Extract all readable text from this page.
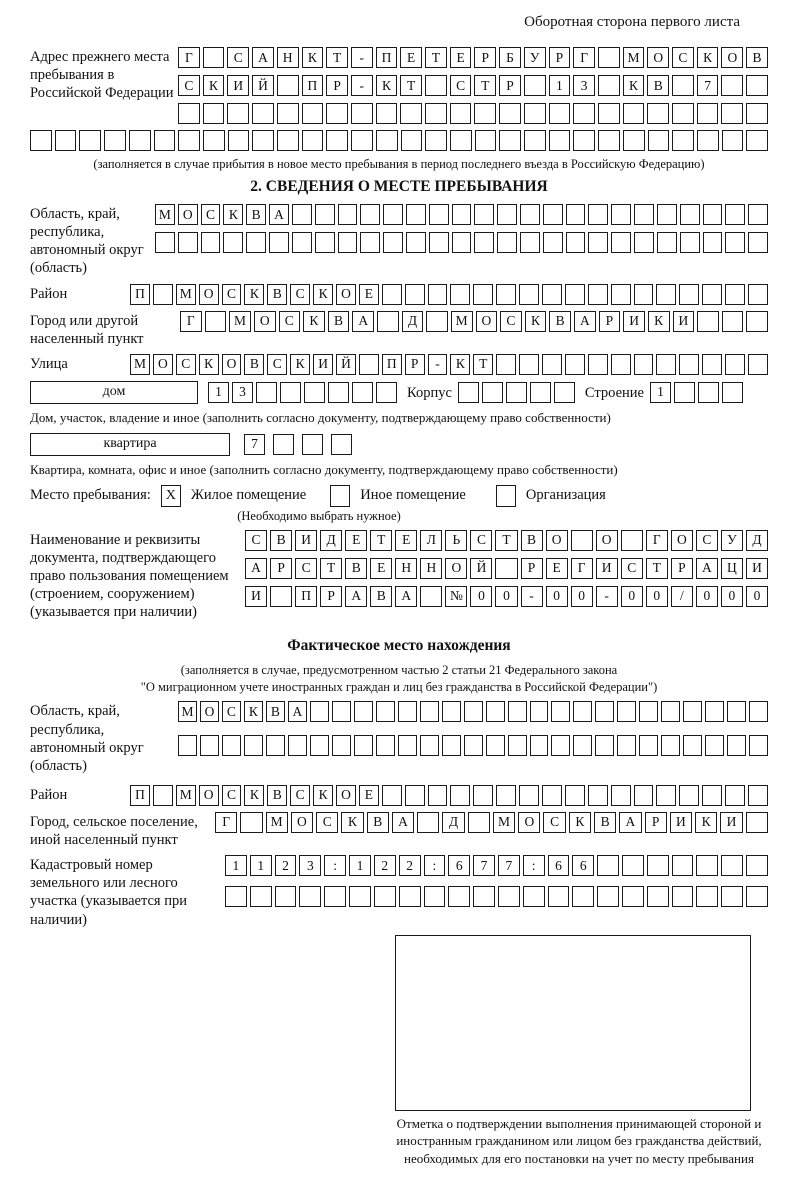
Оборотная сторона первого листа
Адрес прежнего места пребывания в Российской Федерации
Г	С	А	Н	К	Т	-	П	Е	Т	Е	Р	Б	У	Р	Г	М	О	С	К	О	В
С	К	И	Й	П	Р	-	К	Т	С	Т	Р	1	3	К	В	7
(заполняется в случае прибытия в новое место пребывания в период последнего въезда в Российскую Федерацию)
2. СВЕДЕНИЯ О МЕСТЕ ПРЕБЫВАНИЯ
Область, край, республика, автономный округ (область)
М О С	К	В А
Район	П	М О	С	К	В	С	К	О	Е
Город или другой населенный пункт
Г	М	О	С	К	В	А	Д	М	О	С	К	В	А	Р	И	К	И
Улица	М О	С	К	О	В	С	К	И Й	П	Р	-	К	Т
дом	1	3	Корпус	Строение 1
Дом, участок, владение и иное (заполнить согласно документу, подтверждающему право собственности)
квартира	7
Квартира, комната, офис и иное (заполнить согласно документу, подтверждающему право собственности)
Место пребывания:	X	Жилое помещение	Иное помещение	Организация
(Необходимо выбрать нужное)
Наименование и реквизиты документа, подтверждающего право пользования помещением (строением, сооружением) (указывается при наличии)
С	В	И	Д	Е	Т	Е	Л	Ь	С	Т	В	О	О	Г	О	С	У	Д
А	Р	С	Т	В	Е	Н	Н	О	Й	Р	Е	Г	И	С	Т	Р	А	Ц	И
И	П	Р	А	В	А	№	0	0	-	0	0	-	0	0	/	0	0	0
Фактическое место нахождения
(заполняется в случае, предусмотренном частью 2 статьи 21 Федерального закона
"О миграционном учете иностранных граждан и лиц без гражданства в Российской Федерации")
Область, край, республика, автономный округ (область)
М О С К В А
Район	П	М О	С	К	В	С	К	О	Е
Город, сельское поселение, иной населенный пункт
Г	М	О	С	К	В	А	Д	М	О	С	К	В	А	Р	И	К	И
Кадастровый номер земельного или лесного участка (указывается при наличии)
1	1	2	3	:	1	2	2	:	6	7	7	:	6	6
Отметка о подтверждении выполнения принимающей стороной и иностранным гражданином или лицом без гражданства действий, необходимых для его постановки на учет по месту пребывания
